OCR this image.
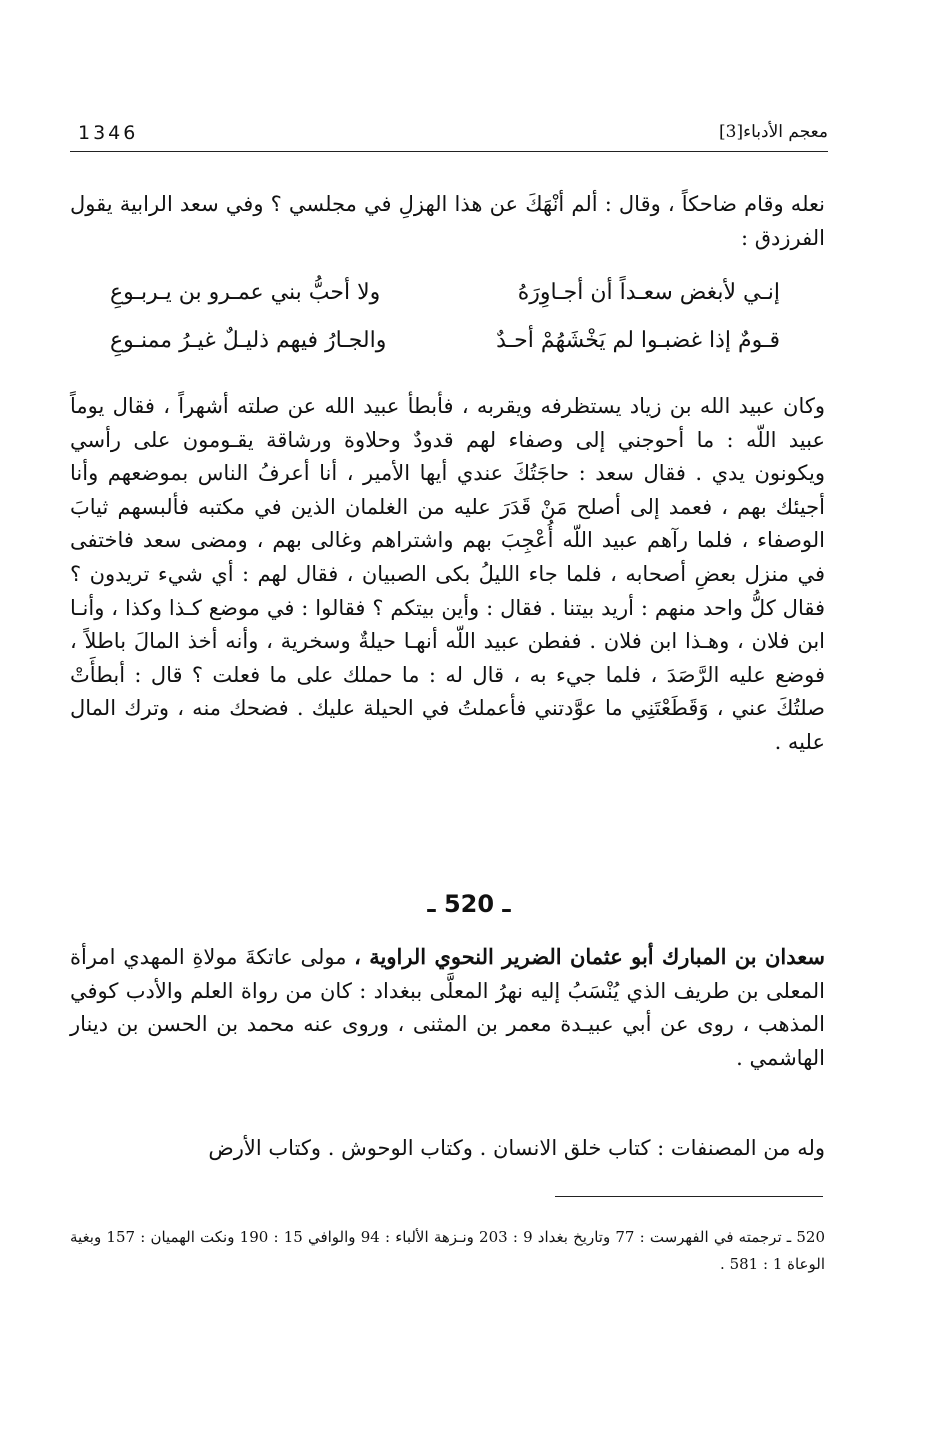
1346	معجم الأدباء[3]

نعله وقام ضاحكاً ، وقال : ألم أنْهَكَ عن هذا الهزلِ في مجلسي ؟ وفي سعد الرابية يقول الفرزدق :

إنـي لأبغض سعـداً أن أجـاوِرَهُ
ولا أحبُّ بني عمـرو بن يـربـوعِ
قـومٌ إذا غضبـوا لم يَخْشَهُمْ أحـدٌ
والجـارُ فيهم ذليـلٌ غيـرُ ممنـوعِ

وكان عبيد الله بن زياد يستظرفه ويقربه ، فأبطأ عبيد الله عن صلته أشهراً ، فقال يوماً عبيد اللّه : ما أحوجني إلى وصفاء لهم قدودٌ وحلاوة ورشاقة يقـومون على رأسي ويكونون يدي . فقال سعد : حاجَتُكَ عندي أيها الأمير ، أنا أعرفُ الناس بموضعهم وأنا أجيئك بهم ، فعمد إلى أصلح مَنْ قَدَرَ عليه من الغلمان الذين في مكتبه فألبسهم ثيابَ الوصفاء ، فلما رآهم عبيد اللّه أُعْجِبَ بهم واشتراهم وغالى بهم ، ومضى سعد فاختفى في منزل بعضِ أصحابه ، فلما جاء الليلُ بكى الصبيان ، فقال لهم : أي شيء تريدون ؟ فقال كلُّ واحد منهم : أريد بيتنا . فقال : وأين بيتكم ؟ فقالوا : في موضع كـذا وكذا ، وأنـا ابن فلان ، وهـذا ابن فلان . ففطن عبيد اللّه أنهـا حيلةٌ وسخرية ، وأنه أخذ المالَ باطلاً ، فوضع عليه الرَّصَدَ ، فلما جيء به ، قال له : ما حملك على ما فعلت ؟ قال : أبطأَتْ صلتُكَ عني ، وَقَطَعْتَنِي ما عوَّدتني فأعملتُ في الحيلة عليك . فضحك منه ، وترك المال عليه .

ـ 520 ـ

سعدان بن المبارك أبو عثمان الضرير النحوي الراوية ، مولى عاتكةَ مولاةِ المهدي امرأة المعلى بن طريف الذي يُنْسَبُ إليه نهرُ المعلَّى ببغداد : كان من رواة العلم والأدب كوفي المذهب ، روى عن أبي عبيـدة معمر بن المثنى ، وروى عنه محمد بن الحسن بن دينار الهاشمي .

وله من المصنفات : كتاب خلق الانسان . وكتاب الوحوش . وكتاب الأرض

520 ـ ترجمته في الفهرست : 77 وتاريخ بغداد 9 : 203 ونـزهة الألباء : 94 والوافي 15 : 190 ونكت الهميان : 157 وبغية الوعاة 1 : 581 .
